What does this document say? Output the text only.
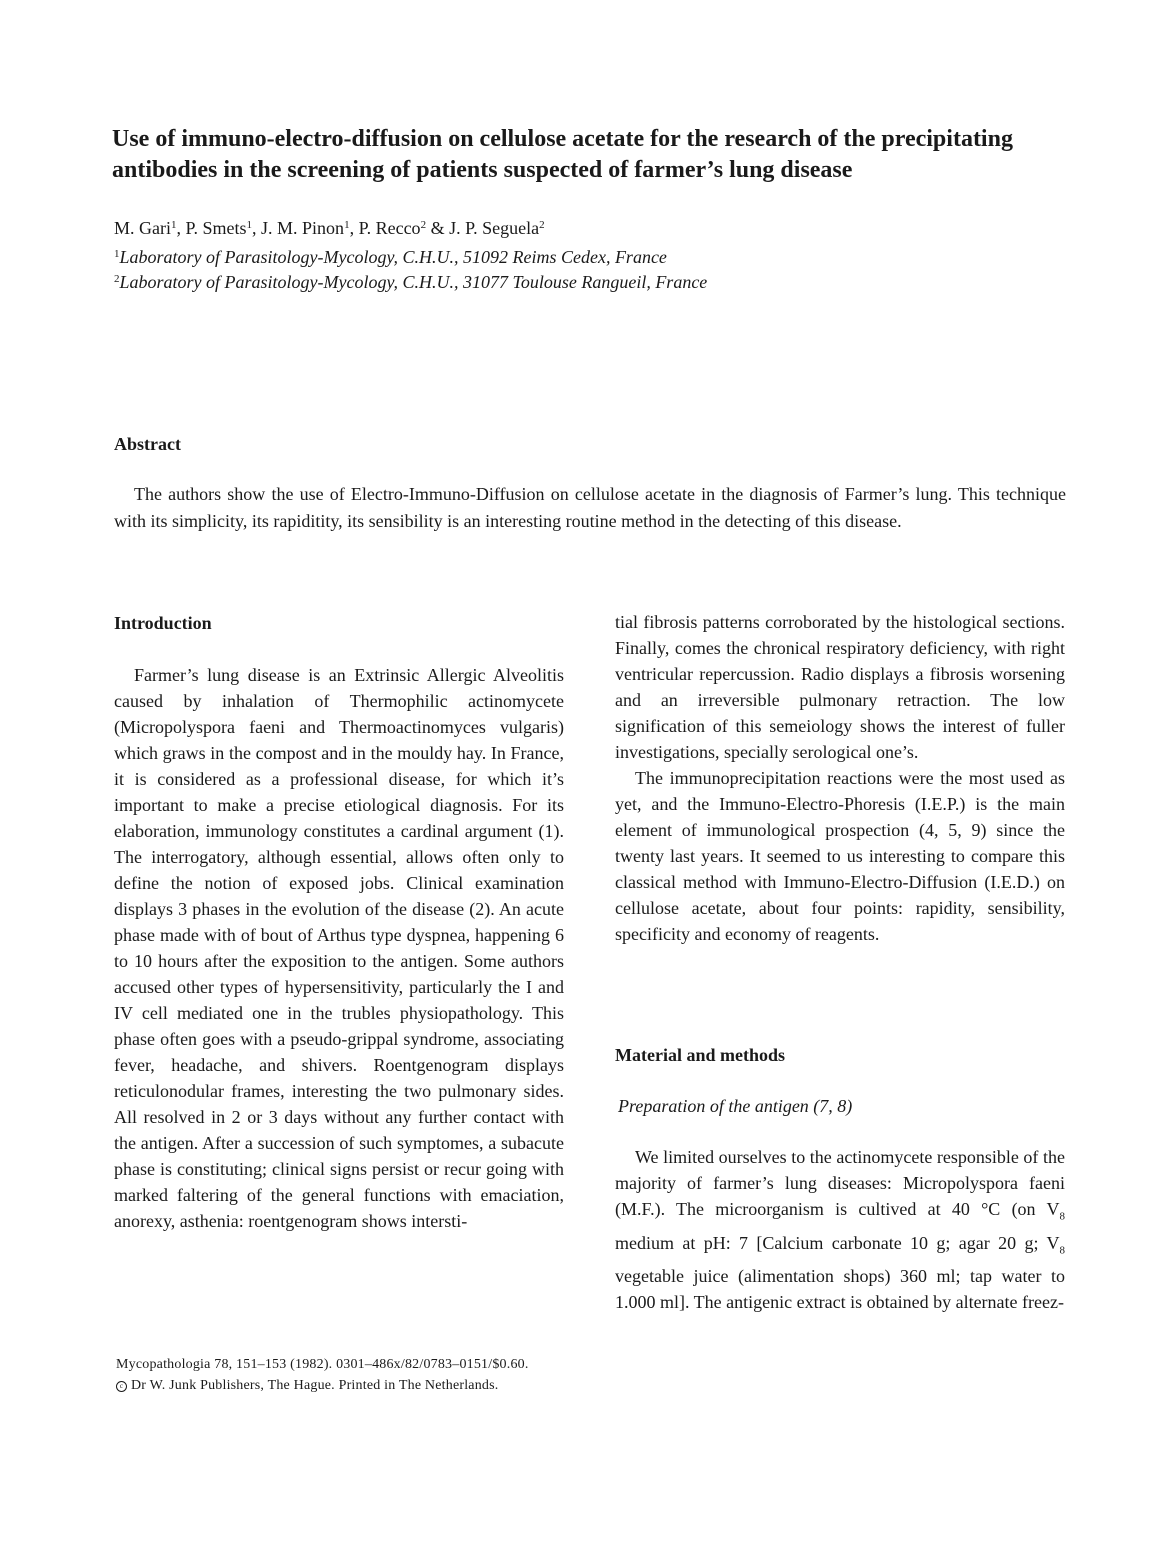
Use of immuno-electro-diffusion on cellulose acetate for the research of the precipitating antibodies in the screening of patients suspected of farmer’s lung disease
M. Gari$^1$, P. Smets$^1$, J. M. Pinon$^1$, P. Recco$^2$ & J. P. Seguela$^2$
$^1$Laboratory of Parasitology-Mycology, C.H.U., 51092 Reims Cedex, France
$^2$Laboratory of Parasitology-Mycology, C.H.U., 31077 Toulouse Rangueil, France
Abstract

The authors show the use of Electro-Immuno-Diffusion on cellulose acetate in the diagnosis of Farmer’s lung. This technique with its simplicity, its rapiditity, its sensibility is an interesting routine method in the detecting of this disease.

Introduction

Farmer’s lung disease is an Extrinsic Allergic Alveolitis caused by inhalation of Thermophilic actinomycete (Micropolyspora faeni and Thermoactinomyces vulgaris) which graws in the compost and in the mouldy hay. In France, it is considered as a professional disease, for which it’s important to make a precise etiological diagnosis. For its elaboration, immunology constitutes a cardinal argument (1). The interrogatory, although essential, allows often only to define the notion of exposed jobs. Clinical examination displays 3 phases in the evolution of the disease (2). An acute phase made with of bout of Arthus type dyspnea, happening 6 to 10 hours after the exposition to the antigen. Some authors accused other types of hypersensitivity, particularly the I and IV cell mediated one in the trubles physiopathology. This phase often goes with a pseudo-grippal syndrome, associating fever, headache, and shivers. Roentgenogram displays reticulonodular frames, interesting the two pulmonary sides. All resolved in 2 or 3 days without any further contact with the antigen. After a succession of such symptomes, a subacute phase is constituting; clinical signs persist or recur going with marked faltering of the general functions with emaciation, anorexy, asthenia: roentgenogram shows intersti-

tial fibrosis patterns corroborated by the histological sections. Finally, comes the chronical respiratory deficiency, with right ventricular repercussion. Radio displays a fibrosis worsening and an irreversible pulmonary retraction. The low signification of this semeiology shows the interest of fuller investigations, specially serological one’s.

The immunoprecipitation reactions were the most used as yet, and the Immuno-Electro-Phoresis (I.E.P.) is the main element of immunological prospection (4, 5, 9) since the twenty last years. It seemed to us interesting to compare this classical method with Immuno-Electro-Diffusion (I.E.D.) on cellulose acetate, about four points: rapidity, sensibility, specificity and economy of reagents.

Material and methods

Preparation of the antigen (7, 8)

We limited ourselves to the actinomycete responsible of the majority of farmer’s lung diseases: Micropolyspora faeni (M.F.). The microorganism is cultived at 40 °C (on $V_8$ medium at pH: 7 [Calcium carbonate 10 g; agar 20 g; $V_8$ vegetable juice (alimentation shops) 360 ml; tap water to 1.000 ml]. The antigenic extract is obtained by alternate freez-

Mycopathologia 78, 151–153 (1982). 0301–486x/82/0783–0151/$0.60.
c Dr W. Junk Publishers, The Hague. Printed in The Netherlands.
